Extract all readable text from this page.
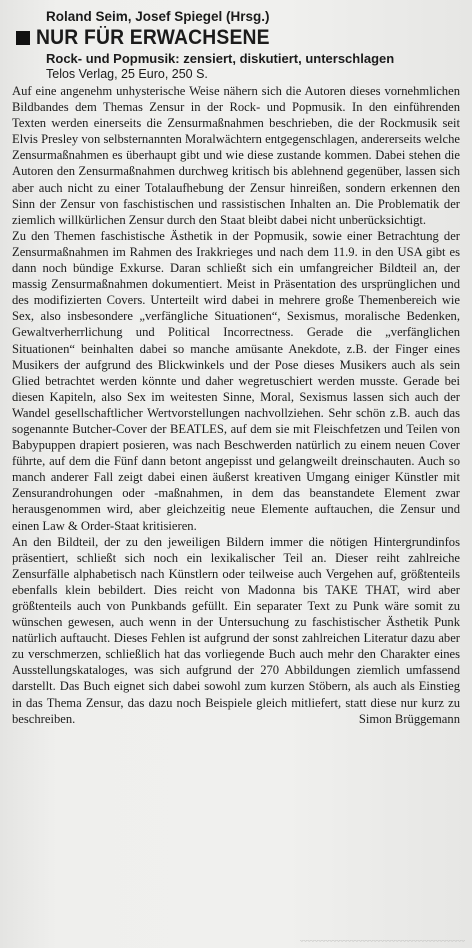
Roland Seim, Josef Spiegel (Hrsg.)
NUR FÜR ERWACHSENE
Rock- und Popmusik: zensiert, diskutiert, unterschlagen
Telos Verlag, 25 Euro, 250 S.

Auf eine angenehm unhysterische Weise nähern sich die Autoren dieses vornehmlichen Bildbandes dem Themas Zensur in der Rock- und Popmusik. In den einführenden Texten werden einerseits die Zensurmaßnahmen beschrieben, die der Rockmusik seit Elvis Presley von selbsternannten Moralwächtern entgegenschlagen, andererseits welche Zensurmaßnahmen es überhaupt gibt und wie diese zustande kommen. Dabei stehen die Autoren den Zensurmaßnahmen durchweg kritisch bis ablehnend gegenüber, lassen sich aber auch nicht zu einer Totalaufhebung der Zensur hinreißen, sondern erkennen den Sinn der Zensur von faschistischen und rassistischen Inhalten an. Die Problematik der ziemlich willkürlichen Zensur durch den Staat bleibt dabei nicht unberücksichtigt.

Zu den Themen faschistische Ästhetik in der Popmusik, sowie einer Betrachtung der Zensurmaßnahmen im Rahmen des Irakkrieges und nach dem 11.9. in den USA gibt es dann noch bündige Exkurse. Daran schließt sich ein umfangreicher Bildteil an, der massig Zensurmaßnahmen dokumentiert. Meist in Präsentation des ursprünglichen und des modifizierten Covers. Unterteilt wird dabei in mehrere große Themenbereich wie Sex, also insbesondere „verfängliche Situationen“, Sexismus, moralische Bedenken, Gewaltverherrlichung und Political Incorrectness. Gerade die „verfänglichen Situationen“ beinhalten dabei so manche amüsante Anekdote, z.B. der Finger eines Musikers der aufgrund des Blickwinkels und der Pose dieses Musikers auch als sein Glied betrachtet werden könnte und daher wegretuschiert werden musste. Gerade bei diesen Kapiteln, also Sex im weitesten Sinne, Moral, Sexismus lassen sich auch der Wandel gesellschaftlicher Wertvorstellungen nachvollziehen. Sehr schön z.B. auch das sogenannte Butcher-Cover der BEATLES, auf dem sie mit Fleischfetzen und Teilen von Babypuppen drapiert posieren, was nach Beschwerden natürlich zu einem neuen Cover führte, auf dem die Fünf dann betont angepisst und gelangweilt dreinschauten. Auch so manch anderer Fall zeigt dabei einen äußerst kreativen Umgang einiger Künstler mit Zensurandrohungen oder -maßnahmen, in dem das beanstandete Element zwar herausgenommen wird, aber gleichzeitig neue Elemente auftauchen, die Zensur und einen Law & Order-Staat kritisieren.

An den Bildteil, der zu den jeweiligen Bildern immer die nötigen Hintergrundinfos präsentiert, schließt sich noch ein lexikalischer Teil an. Dieser reiht zahlreiche Zensurfälle alphabetisch nach Künstlern oder teilweise auch Vergehen auf, größtenteils ebenfalls klein bebildert. Dies reicht von Madonna bis TAKE THAT, wird aber größtenteils auch von Punkbands gefüllt. Ein separater Text zu Punk wäre somit zu wünschen gewesen, auch wenn in der Untersuchung zu faschistischer Ästhetik Punk natürlich auftaucht. Dieses Fehlen ist aufgrund der sonst zahlreichen Literatur dazu aber zu verschmerzen, schließlich hat das vorliegende Buch auch mehr den Charakter eines Ausstellungskataloges, was sich aufgrund der 270 Abbildungen ziemlich umfassend darstellt. Das Buch eignet sich dabei sowohl zum kurzen Stöbern, als auch als Einstieg in das Thema Zensur, das dazu noch Beispiele gleich mitliefert, statt diese nur kurz zu beschreiben.	Simon Brüggemann

﹏﹏﹏﹏﹏﹏﹏﹏﹏﹏﹏﹏﹏﹏﹏
